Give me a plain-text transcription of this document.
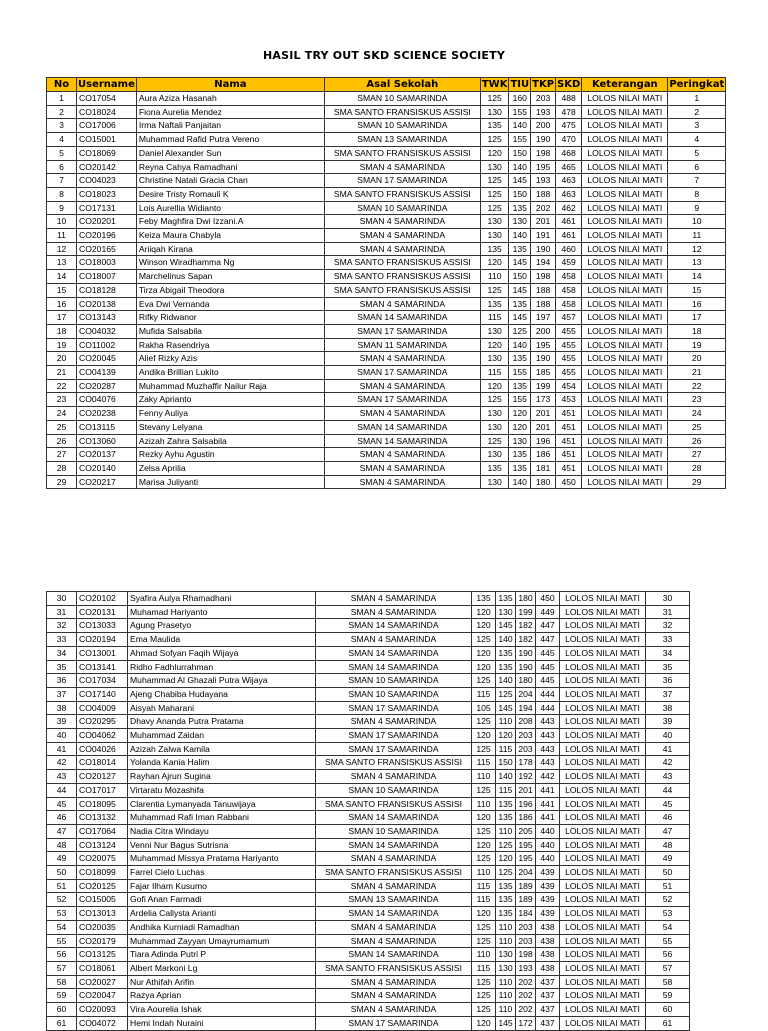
HASIL TRY OUT SKD SCIENCE SOCIETY
No	Username	Nama	Asal Sekolah	TWK	TIU	TKP	SKD	Keterangan	Peringkat
1	CO17054	Aura Aziza Hasanah	SMAN 10 SAMARINDA	125	160	203	488	LOLOS NILAI MATI	1
2	CO18024	Fiona Aurelia Mendez	SMA SANTO FRANSISKUS ASSISI	130	155	193	478	LOLOS NILAI MATI	2
3	CO17006	Irma Naftali Panjaitan	SMAN 10 SAMARINDA	135	140	200	475	LOLOS NILAI MATI	3
4	CO15001	Muhammad Rafid Putra Vereno	SMAN 13 SAMARINDA	125	155	190	470	LOLOS NILAI MATI	4
5	CO18069	Daniel Alexander Sun	SMA SANTO FRANSISKUS ASSISI	120	150	198	468	LOLOS NILAI MATI	5
6	CO20142	Reyna Cahya Ramadhani	SMAN 4 SAMARINDA	130	140	195	465	LOLOS NILAI MATI	6
7	CO04023	Christine Natali Gracia Chan	SMAN 17 SAMARINDA	125	145	193	463	LOLOS NILAI MATI	7
8	CO18023	Desire Tristy Romauli K	SMA SANTO FRANSISKUS ASSISI	125	150	188	463	LOLOS NILAI MATI	8
9	CO17131	Lois Aurellia Widianto	SMAN 10 SAMARINDA	125	135	202	462	LOLOS NILAI MATI	9
10	CO20201	Feby Maghfira Dwi Izzani.A	SMAN 4 SAMARINDA	130	130	201	461	LOLOS NILAI MATI	10
11	CO20196	Keiza Maura Chabyla	SMAN 4 SAMARINDA	130	140	191	461	LOLOS NILAI MATI	11
12	CO20165	Ariiqah Kirana	SMAN 4 SAMARINDA	135	135	190	460	LOLOS NILAI MATI	12
13	CO18003	Winson Wiradhamma Ng	SMA SANTO FRANSISKUS ASSISI	120	145	194	459	LOLOS NILAI MATI	13
14	CO18007	Marchelinus Sapan	SMA SANTO FRANSISKUS ASSISI	110	150	198	458	LOLOS NILAI MATI	14
15	CO18128	Tirza Abigail Theodora	SMA SANTO FRANSISKUS ASSISI	125	145	188	458	LOLOS NILAI MATI	15
16	CO20138	Eva Dwi Vernanda	SMAN 4 SAMARINDA	135	135	188	458	LOLOS NILAI MATI	16
17	CO13143	Rifky Ridwanor	SMAN 14 SAMARINDA	115	145	197	457	LOLOS NILAI MATI	17
18	CO04032	Mufida Salsabila	SMAN 17 SAMARINDA	130	125	200	455	LOLOS NILAI MATI	18
19	CO11002	Rakha Rasendriya	SMAN 11 SAMARINDA	120	140	195	455	LOLOS NILAI MATI	19
20	CO20045	Alief Rizky Azis	SMAN 4 SAMARINDA	130	135	190	455	LOLOS NILAI MATI	20
21	CO04139	Andika Brillian Lukito	SMAN 17 SAMARINDA	115	155	185	455	LOLOS NILAI MATI	21
22	CO20287	Muhammad Muzhaffir Nailur Raja	SMAN 4 SAMARINDA	120	135	199	454	LOLOS NILAI MATI	22
23	CO04076	Zaky Aprianto	SMAN 17 SAMARINDA	125	155	173	453	LOLOS NILAI MATI	23
24	CO20238	Fenny Auliya	SMAN 4 SAMARINDA	130	120	201	451	LOLOS NILAI MATI	24
25	CO13115	Stevany Lelyana	SMAN 14 SAMARINDA	130	120	201	451	LOLOS NILAI MATI	25
26	CO13060	Azizah Zahra Salsabila	SMAN 14 SAMARINDA	125	130	196	451	LOLOS NILAI MATI	26
27	CO20137	Rezky Ayhu Agustin	SMAN 4 SAMARINDA	130	135	186	451	LOLOS NILAI MATI	27
28	CO20140	Zelsa Aprilia	SMAN 4 SAMARINDA	135	135	181	451	LOLOS NILAI MATI	28
29	CO20217	Marisa Juliyanti	SMAN 4 SAMARINDA	130	140	180	450	LOLOS NILAI MATI	29
30	CO20102	Syafira Aulya Rhamadhani	SMAN 4 SAMARINDA	135	135	180	450	LOLOS NILAI MATI	30
31	CO20131	Muhamad Hariyanto	SMAN 4 SAMARINDA	120	130	199	449	LOLOS NILAI MATI	31
32	CO13033	Agung Prasetyo	SMAN 14 SAMARINDA	120	145	182	447	LOLOS NILAI MATI	32
33	CO20194	Ema Maulida	SMAN 4 SAMARINDA	125	140	182	447	LOLOS NILAI MATI	33
34	CO13001	Ahmad Sofyan Faqih Wijaya	SMAN 14 SAMARINDA	120	135	190	445	LOLOS NILAI MATI	34
35	CO13141	Ridho Fadhlurrahman	SMAN 14 SAMARINDA	120	135	190	445	LOLOS NILAI MATI	35
36	CO17034	Muhammad Al Ghazali Putra Wijaya	SMAN 10 SAMARINDA	125	140	180	445	LOLOS NILAI MATI	36
37	CO17140	Ajeng Chabiba Hudayana	SMAN 10 SAMARINDA	115	125	204	444	LOLOS NILAI MATI	37
38	CO04009	Aisyah Maharani	SMAN 17 SAMARINDA	105	145	194	444	LOLOS NILAI MATI	38
39	CO20295	Dhavy Ananda Putra Pratama	SMAN 4 SAMARINDA	125	110	208	443	LOLOS NILAI MATI	39
40	CO04062	Muhammad Zaidan	SMAN 17 SAMARINDA	120	120	203	443	LOLOS NILAI MATI	40
41	CO04026	Azizah Zalwa Kamila	SMAN 17 SAMARINDA	125	115	203	443	LOLOS NILAI MATI	41
42	CO18014	Yolanda Kania Halim	SMA SANTO FRANSISKUS ASSISI	115	150	178	443	LOLOS NILAI MATI	42
43	CO20127	Rayhan Ajrun Sugina	SMAN 4 SAMARINDA	110	140	192	442	LOLOS NILAI MATI	43
44	CO17017	Virtaratu Mozashifa	SMAN 10 SAMARINDA	125	115	201	441	LOLOS NILAI MATI	44
45	CO18095	Clarentia Lymanyada Tanuwijaya	SMA SANTO FRANSISKUS ASSISI	110	135	196	441	LOLOS NILAI MATI	45
46	CO13132	Muhammad Rafi Iman Rabbani	SMAN 14 SAMARINDA	120	135	186	441	LOLOS NILAI MATI	46
47	CO17064	Nadia Citra Windayu	SMAN 10 SAMARINDA	125	110	205	440	LOLOS NILAI MATI	47
48	CO13124	Venni Nur Bagus Sutrisna	SMAN 14 SAMARINDA	120	125	195	440	LOLOS NILAI MATI	48
49	CO20075	Muhammad Missya Pratama Hariyanto	SMAN 4 SAMARINDA	125	120	195	440	LOLOS NILAI MATI	49
50	CO18099	Farrel Cielo Luchas	SMA SANTO FRANSISKUS ASSISI	110	125	204	439	LOLOS NILAI MATI	50
51	CO20125	Fajar Ilham Kusumo	SMAN 4 SAMARINDA	115	135	189	439	LOLOS NILAI MATI	51
52	CO15005	Gofi Anan Farmadi	SMAN 13 SAMARINDA	115	135	189	439	LOLOS NILAI MATI	52
53	CO13013	Ardelia Callysta Arianti	SMAN 14 SAMARINDA	120	135	184	439	LOLOS NILAI MATI	53
54	CO20035	Andhika Kurniadi Ramadhan	SMAN 4 SAMARINDA	125	110	203	438	LOLOS NILAI MATI	54
55	CO20179	Muhammad Zayyan Umayrumamum	SMAN 4 SAMARINDA	125	110	203	438	LOLOS NILAI MATI	55
56	CO13125	Tiara Adinda Putri P	SMAN 14 SAMARINDA	110	130	198	438	LOLOS NILAI MATI	56
57	CO18061	Albert Markoni Lg	SMA SANTO FRANSISKUS ASSISI	115	130	193	438	LOLOS NILAI MATI	57
58	CO20027	Nur Athifah Arifin	SMAN 4 SAMARINDA	125	110	202	437	LOLOS NILAI MATI	58
59	CO20047	Razya Aprian	SMAN 4 SAMARINDA	125	110	202	437	LOLOS NILAI MATI	59
60	CO20093	Vira Aourelia Ishak	SMAN 4 SAMARINDA	125	110	202	437	LOLOS NILAI MATI	60
61	CO04072	Hemi Indah Nuraini	SMAN 17 SAMARINDA	120	145	172	437	LOLOS NILAI MATI	61
